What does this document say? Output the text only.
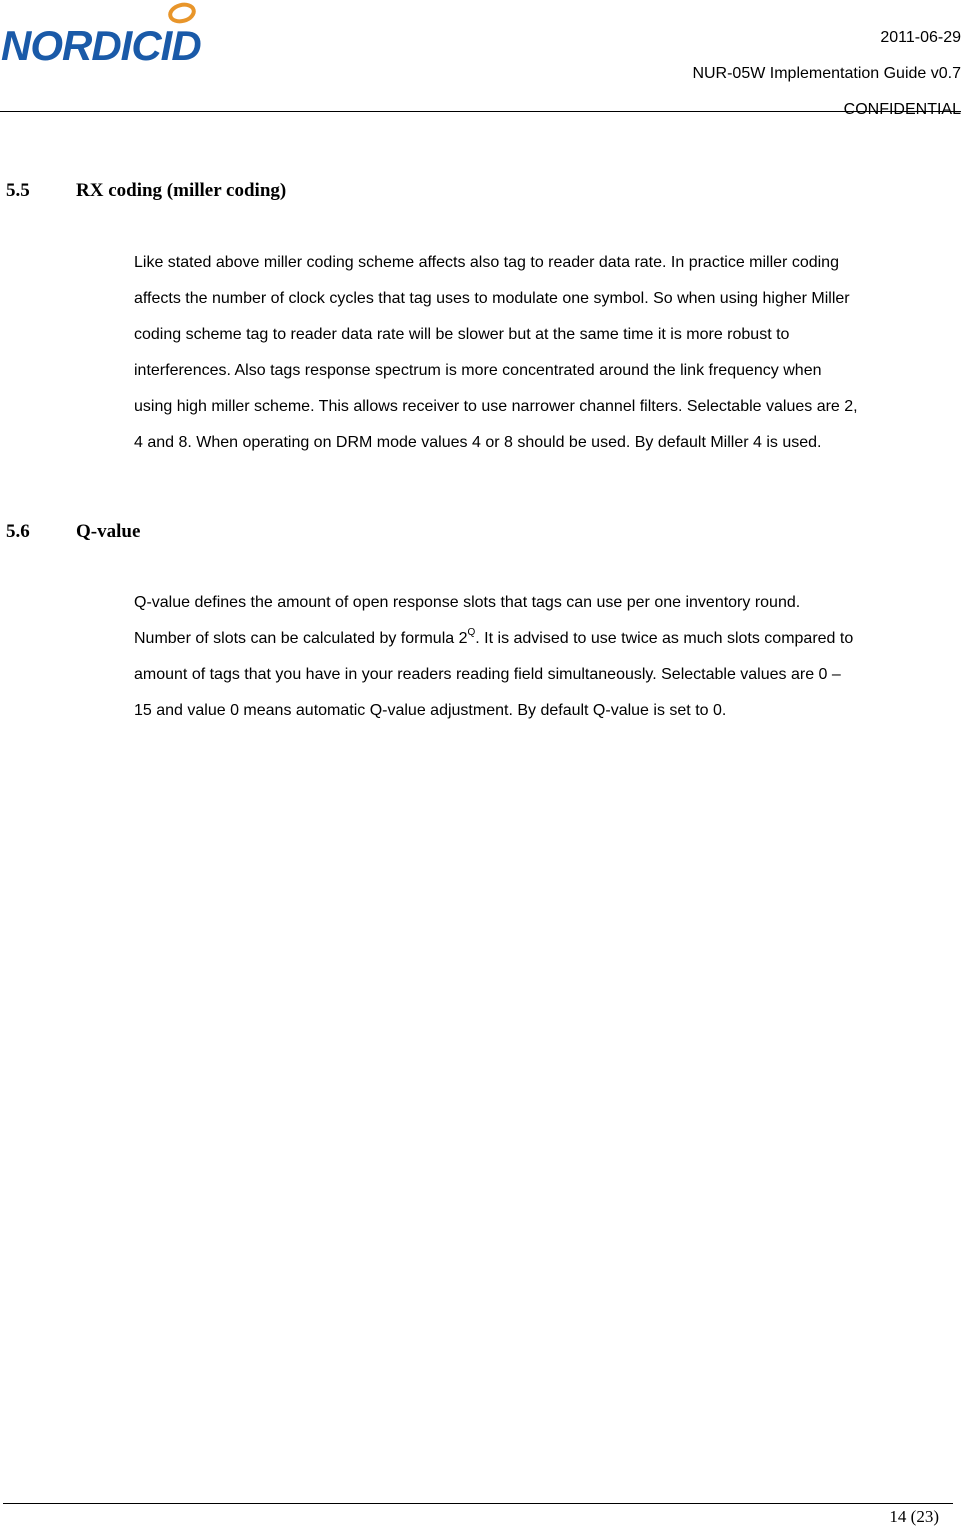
NORDICID	2011-06-29
NUR-05W Implementation Guide v0.7
CONFIDENTIAL
5.5 RX coding (miller coding)
Like stated above miller coding scheme affects also tag to reader data rate. In practice miller coding
affects the number of clock cycles that tag uses to modulate one symbol. So when using higher Miller
coding scheme tag to reader data rate will be slower but at the same time it is more robust to
interferences. Also tags response spectrum is more concentrated around the link frequency when
using high miller scheme. This allows receiver to use narrower channel filters. Selectable values are 2,
4 and 8. When operating on DRM mode values 4 or 8 should be used. By default Miller 4 is used.
5.6 Q-value
Q-value defines the amount of open response slots that tags can use per one inventory round.
Number of slots can be calculated by formula $2^Q$. It is advised to use twice as much slots compared to
amount of tags that you have in your readers reading field simultaneously. Selectable values are 0 –
15 and value 0 means automatic Q-value adjustment. By default Q-value is set to 0.
14 (23)
